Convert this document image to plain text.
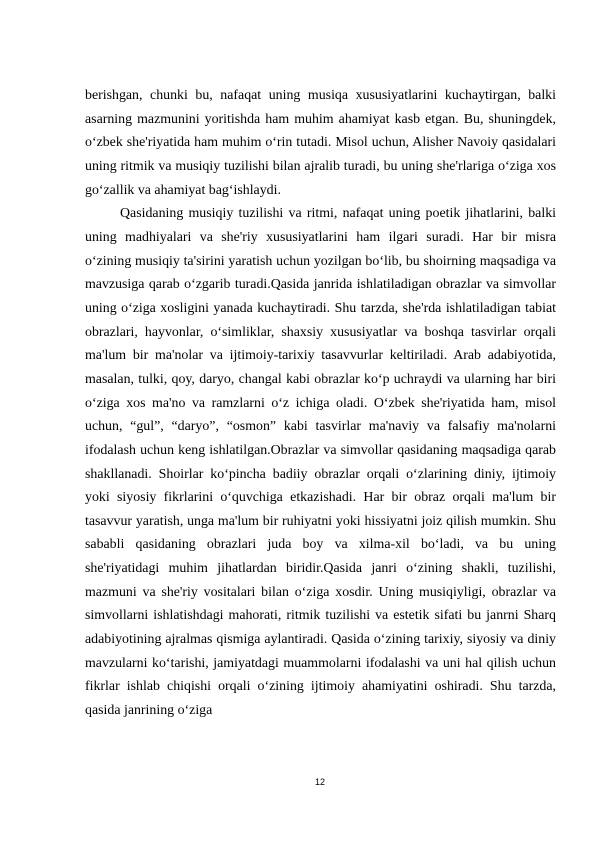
berishgan, chunki bu, nafaqat uning musiqa xususiyatlarini kuchaytirgan, balki asarning mazmunini yoritishda ham muhim ahamiyat kasb etgan. Bu, shuningdek, o‘zbek she'riyatida ham muhim o‘rin tutadi. Misol uchun, Alisher Navoiy qasidalari uning ritmik va musiqiy tuzilishi bilan ajralib turadi, bu uning she'rlariga o‘ziga xos go‘zallik va ahamiyat bag‘ishlaydi.

Qasidaning musiqiy tuzilishi va ritmi, nafaqat uning poetik jihatlarini, balki uning madhiyalari va she'riy xususiyatlarini ham ilgari suradi. Har bir misra o‘zining musiqiy ta'sirini yaratish uchun yozilgan bo‘lib, bu shoirning maqsadiga va mavzusiga qarab o‘zgarib turadi.Qasida janrida ishlatiladigan obrazlar va simvollar uning o‘ziga xosligini yanada kuchaytiradi. Shu tarzda, she'rda ishlatiladigan tabiat obrazlari, hayvonlar, o‘simliklar, shaxsiy xususiyatlar va boshqa tasvirlar orqali ma'lum bir ma'nolar va ijtimoiy-tarixiy tasavvurlar keltiriladi. Arab adabiyotida, masalan, tulki, qoy, daryo, changal kabi obrazlar ko‘p uchraydi va ularning har biri o‘ziga xos ma'no va ramzlarni o‘z ichiga oladi. O‘zbek she'riyatida ham, misol uchun, “gul”, “daryo”, “osmon” kabi tasvirlar ma'naviy va falsafiy ma'nolarni ifodalash uchun keng ishlatilgan.Obrazlar va simvollar qasidaning maqsadiga qarab shakllanadi. Shoirlar ko‘pincha badiiy obrazlar orqali o‘zlarining diniy, ijtimoiy yoki siyosiy fikrlarini o‘quvchiga etkazishadi. Har bir obraz orqali ma'lum bir tasavvur yaratish, unga ma'lum bir ruhiyatni yoki hissiyatni joiz qilish mumkin. Shu sababli qasidaning obrazlari juda boy va xilma-xil bo‘ladi, va bu uning she'riyatidagi muhim jihatlardan biridir.Qasida janri o‘zining shakli, tuzilishi, mazmuni va she'riy vositalari bilan o‘ziga xosdir. Uning musiqiyligi, obrazlar va simvollarni ishlatishdagi mahorati, ritmik tuzilishi va estetik sifati bu janrni Sharq adabiyotining ajralmas qismiga aylantiradi. Qasida o‘zining tarixiy, siyosiy va diniy mavzularni ko‘tarishi, jamiyatdagi muammolarni ifodalashi va uni hal qilish uchun fikrlar ishlab chiqishi orqali o‘zining ijtimoiy ahamiyatini oshiradi. Shu tarzda, qasida janrining o‘ziga

12
